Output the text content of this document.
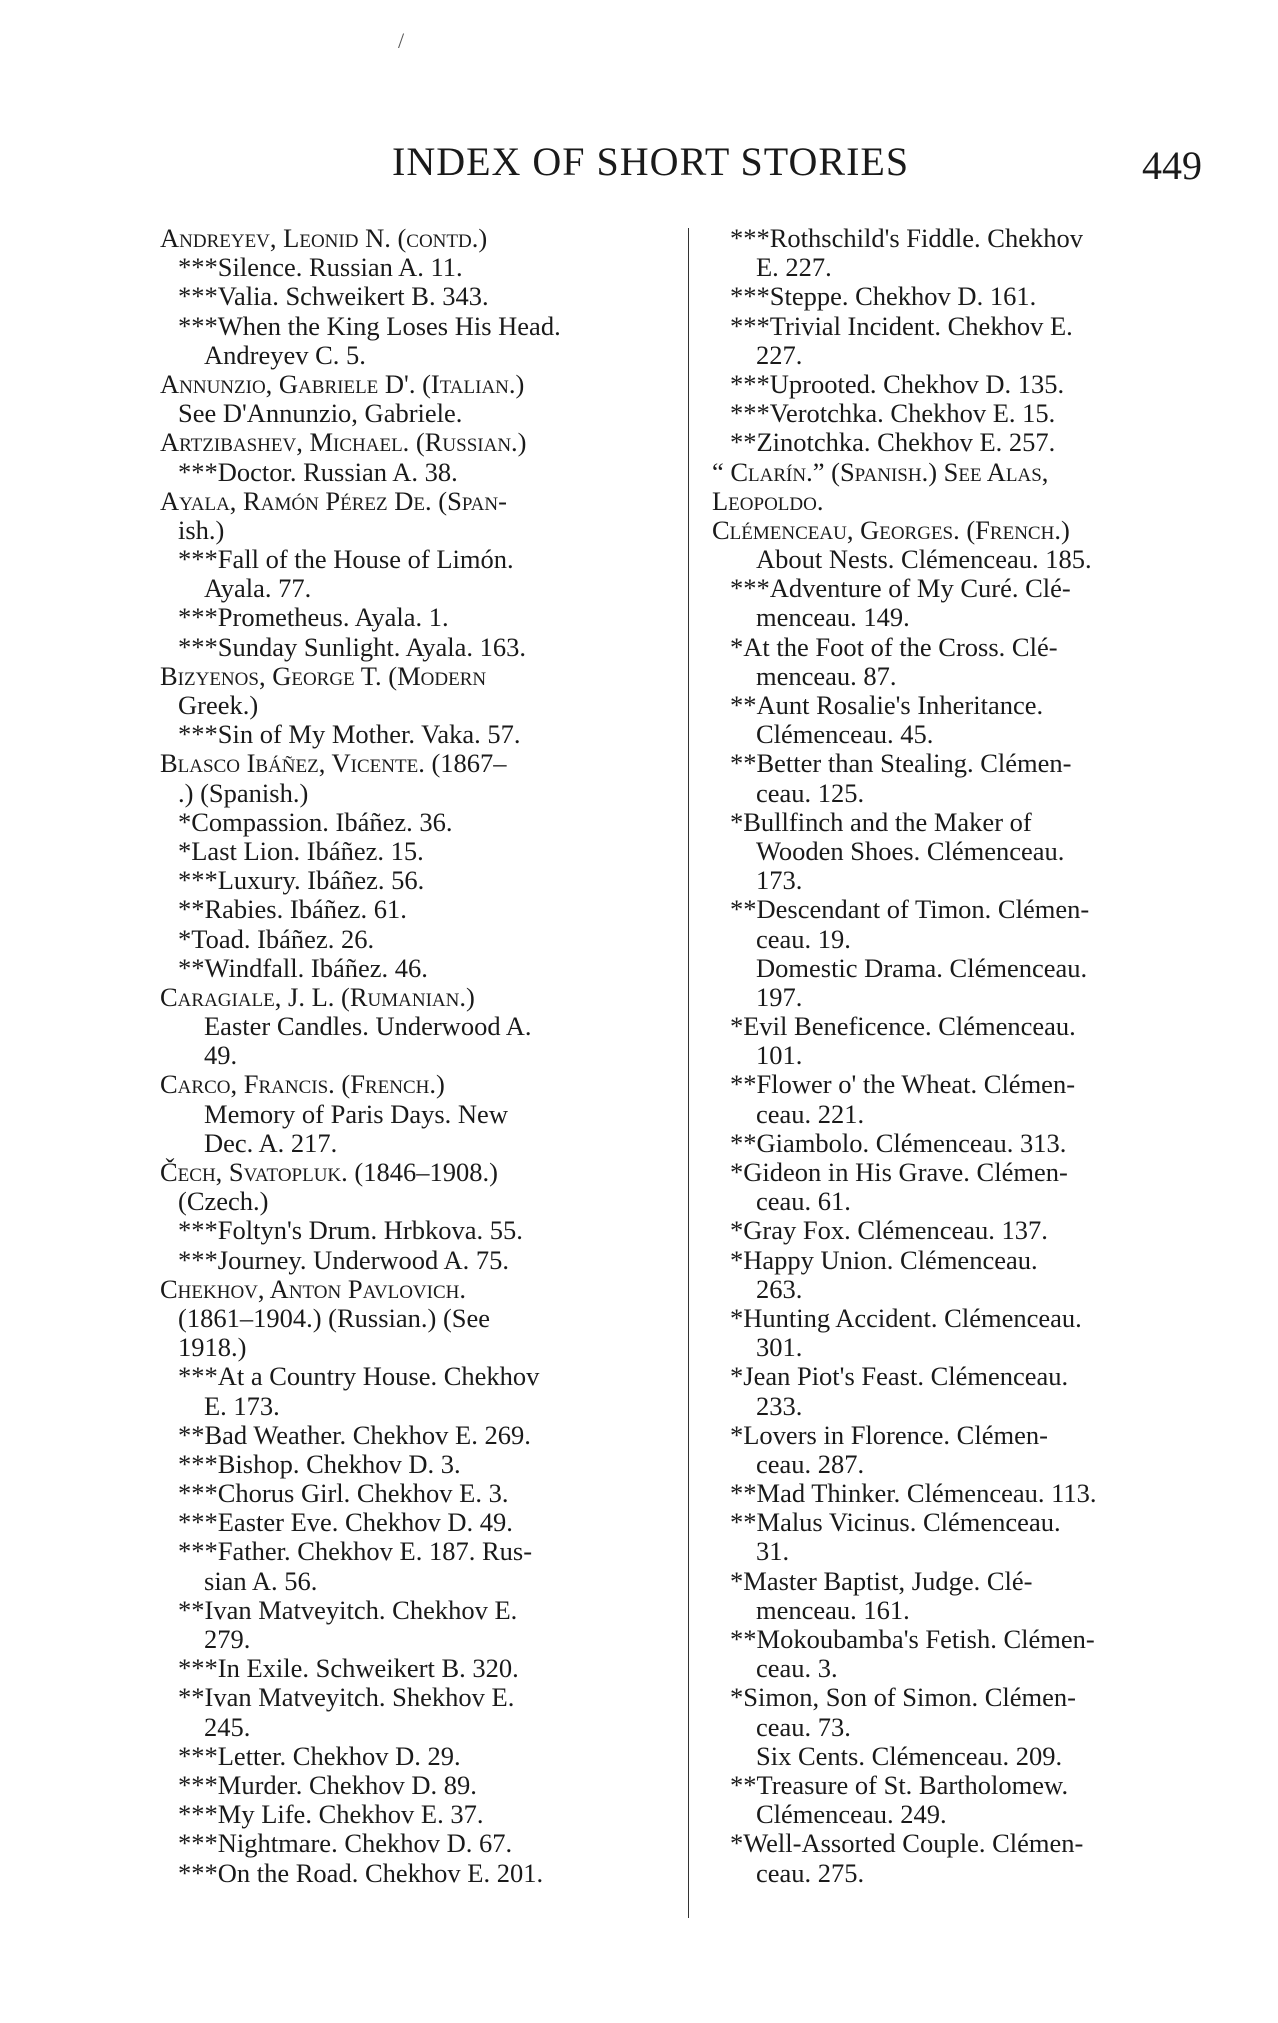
/
INDEX OF SHORT STORIES	449
Andreyev, Leonid N. (contd.)
***Silence. Russian A. 11.
***Valia. Schweikert B. 343.
***When the King Loses His Head.
Andreyev C. 5.
Annunzio, Gabriele D'. (Italian.)
See D'Annunzio, Gabriele.
Artzibashev, Michael. (Russian.)
***Doctor. Russian A. 38.
Ayala, Ramón Pérez De. (Span-
ish.)
***Fall of the House of Limón.
Ayala. 77.
***Prometheus. Ayala. 1.
***Sunday Sunlight. Ayala. 163.
Bizyenos, George T. (Modern
Greek.)
***Sin of My Mother. Vaka. 57.
Blasco Ibáñez, Vicente. (1867–
.) (Spanish.)
*Compassion. Ibáñez. 36.
*Last Lion. Ibáñez. 15.
***Luxury. Ibáñez. 56.
**Rabies. Ibáñez. 61.
*Toad. Ibáñez. 26.
**Windfall. Ibáñez. 46.
Caragiale, J. L. (Rumanian.)
Easter Candles. Underwood A.
49.
Carco, Francis. (French.)
Memory of Paris Days. New
Dec. A. 217.
Čech, Svatopluk. (1846–1908.)
(Czech.)
***Foltyn's Drum. Hrbkova. 55.
***Journey. Underwood A. 75.
Chekhov, Anton Pavlovich.
(1861–1904.) (Russian.) (See
1918.)
***At a Country House. Chekhov
E. 173.
**Bad Weather. Chekhov E. 269.
***Bishop. Chekhov D. 3.
***Chorus Girl. Chekhov E. 3.
***Easter Eve. Chekhov D. 49.
***Father. Chekhov E. 187. Rus-
sian A. 56.
**Ivan Matveyitch. Chekhov E.
279.
***In Exile. Schweikert B. 320.
**Ivan Matveyitch. Shekhov E.
245.
***Letter. Chekhov D. 29.
***Murder. Chekhov D. 89.
***My Life. Chekhov E. 37.
***Nightmare. Chekhov D. 67.
***On the Road. Chekhov E. 201.
***Rothschild's Fiddle. Chekhov
E. 227.
***Steppe. Chekhov D. 161.
***Trivial Incident. Chekhov E.
227.
***Uprooted. Chekhov D. 135.
***Verotchka. Chekhov E. 15.
**Zinotchka. Chekhov E. 257.
“ Clarín.” (Spanish.) See Alas,
Leopoldo.
Clémenceau, Georges. (French.)
About Nests. Clémenceau. 185.
***Adventure of My Curé. Clé-
menceau. 149.
*At the Foot of the Cross. Clé-
menceau. 87.
**Aunt Rosalie's Inheritance.
Clémenceau. 45.
**Better than Stealing. Clémen-
ceau. 125.
*Bullfinch and the Maker of
Wooden Shoes. Clémenceau.
173.
**Descendant of Timon. Clémen-
ceau. 19.
Domestic Drama. Clémenceau.
197.
*Evil Beneficence. Clémenceau.
101.
**Flower o' the Wheat. Clémen-
ceau. 221.
**Giambolo. Clémenceau. 313.
*Gideon in His Grave. Clémen-
ceau. 61.
*Gray Fox. Clémenceau. 137.
*Happy Union. Clémenceau.
263.
*Hunting Accident. Clémenceau.
301.
*Jean Piot's Feast. Clémenceau.
233.
*Lovers in Florence. Clémen-
ceau. 287.
**Mad Thinker. Clémenceau. 113.
**Malus Vicinus. Clémenceau.
31.
*Master Baptist, Judge. Clé-
menceau. 161.
**Mokoubamba's Fetish. Clémen-
ceau. 3.
*Simon, Son of Simon. Clémen-
ceau. 73.
Six Cents. Clémenceau. 209.
**Treasure of St. Bartholomew.
Clémenceau. 249.
*Well-Assorted Couple. Clémen-
ceau. 275.
